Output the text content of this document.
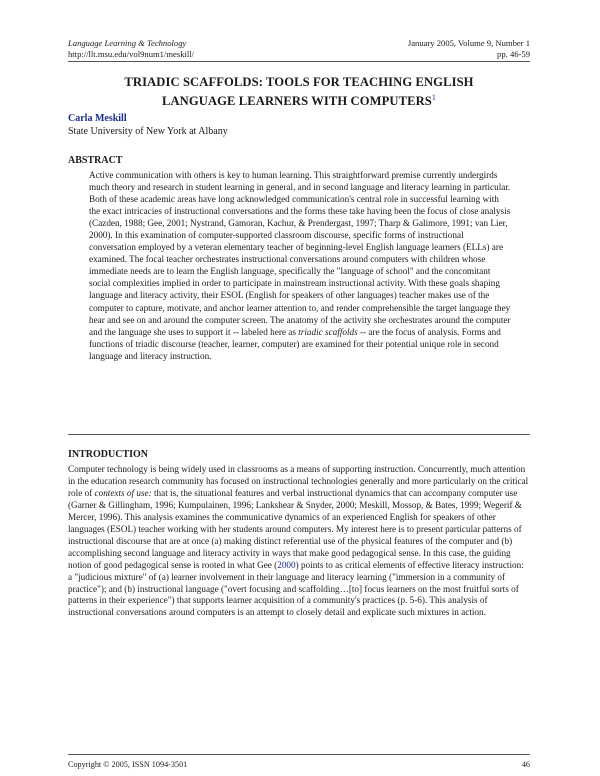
Language Learning & Technology
http://llt.msu.edu/vol9num1/meskill/
January 2005, Volume 9, Number 1
pp. 46-59
TRIADIC SCAFFOLDS: TOOLS FOR TEACHING ENGLISH
LANGUAGE LEARNERS WITH COMPUTERS$^1$
Carla Meskill
State University of New York at Albany
ABSTRACT

Active communication with others is key to human learning. This straightforward premise currently undergirds much theory and research in student learning in general, and in second language and literacy learning in particular. Both of these academic areas have long acknowledged communication's central role in successful learning with the exact intricacies of instructional conversations and the forms these take having been the focus of close analysis (Cazden, 1988; Gee, 2001; Nystrand, Gamoran, Kachur, & Prendergast, 1997; Tharp & Galimore, 1991; van Lier, 2000). In this examination of computer-supported classroom discourse, specific forms of instructional conversation employed by a veteran elementary teacher of beginning-level English language learners (ELLs) are examined. The focal teacher orchestrates instructional conversations around computers with children whose immediate needs are to learn the English language, specifically the "language of school" and the concomitant social complexities implied in order to participate in mainstream instructional activity. With these goals shaping language and literacy activity, their ESOL (English for speakers of other languages) teacher makes use of the computer to capture, motivate, and anchor learner attention to, and render comprehensible the target language they hear and see on and around the computer screen. The anatomy of the activity she orchestrates around the computer and the language she uses to support it -- labeled here as triadic scaffolds -- are the focus of analysis. Forms and functions of triadic discourse (teacher, learner, computer) are examined for their potential unique role in second language and literacy instruction.

INTRODUCTION

Computer technology is being widely used in classrooms as a means of supporting instruction. Concurrently, much attention in the education research community has focused on instructional technologies generally and more particularly on the critical role of contexts of use: that is, the situational features and verbal instructional dynamics that can accompany computer use (Garner & Gillingham, 1996; Kumpulainen, 1996; Lankshear & Snyder, 2000; Meskill, Mossop, & Bates, 1999; Wegerif & Mercer, 1996). This analysis examines the communicative dynamics of an experienced English for speakers of other languages (ESOL) teacher working with her students around computers. My interest here is to present particular patterns of instructional discourse that are at once (a) making distinct referential use of the physical features of the computer and (b) accomplishing second language and literacy activity in ways that make good pedagogical sense. In this case, the guiding notion of good pedagogical sense is rooted in what Gee (2000) points to as critical elements of effective literacy instruction: a "judicious mixture" of (a) learner involvement in their language and literacy learning ("immersion in a community of practice"); and (b) instructional language ("overt focusing and scaffolding…[to] focus learners on the most fruitful sorts of patterns in their experience") that supports learner acquisition of a community's practices (p. 5-6). This analysis of instructional conversations around computers is an attempt to closely detail and explicate such mixtures in action.

Copyright © 2005, ISSN 1094-3501	46
